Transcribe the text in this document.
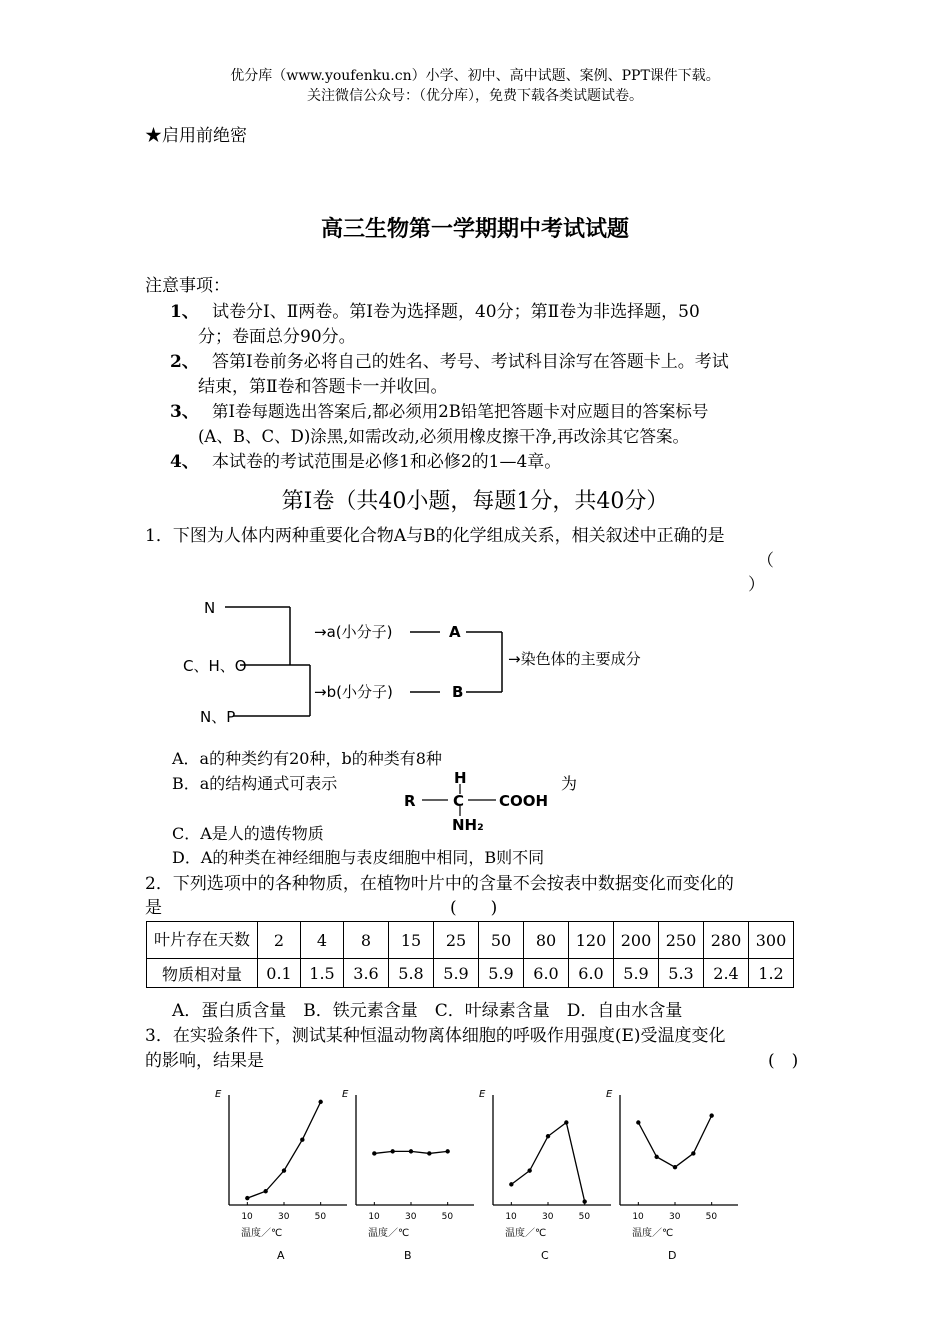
优分库（www.youfenku.cn）小学、初中、高中试题、案例、PPT课件下载。
关注微信公众号：（优分库），免费下载各类试题试卷。
★启用前绝密
高三生物第一学期期中考试试题
注意事项：
1、 试卷分Ⅰ、Ⅱ两卷。第Ⅰ卷为选择题，40分；第Ⅱ卷为非选择题，50
分；卷面总分90分。
2、 答第Ⅰ卷前务必将自己的姓名、考号、考试科目涂写在答题卡上。考试
结束，第Ⅱ卷和答题卡一并收回。
3、 第Ⅰ卷每题选出答案后,都必须用2B铅笔把答题卡对应题目的答案标号
(A、B、C、D)涂黑,如需改动,必须用橡皮擦干净,再改涂其它答案。
4、 本试卷的考试范围是必修1和必修2的1—4章。
第Ⅰ卷（共40小题，每题1分，共40分）
1．下图为人体内两种重要化合物A与B的化学组成关系，相关叙述中正确的是
（
）
N
C、H、O
N、P
→a(小分子)
→b(小分子)
A
B
→染色体的主要成分
A．a的种类约有20种，b的种类有8种
B．a的结构通式可表示	为
H
R C COOH
NH₂
C．A是人的遗传物质
D．A的种类在神经细胞与表皮细胞中相同，B则不同
2．下列选项中的各种物质，在植物叶片中的含量不会按表中数据变化而变化的
是	(　　)
叶片存在天数	2	4	8	15	25	50	80	120	200	250	280	300
物质相对量	0.1	1.5	3.6	5.8	5.9	5.9	6.0	6.0	5.9	5.3	2.4	1.2
A．蛋白质含量　B．铁元素含量　C．叶绿素含量　D．自由水含量
3．在实验条件下，测试某种恒温动物离体细胞的呼吸作用强度(E)受温度变化
的影响，结果是	(　)
E
10	30	50
温度／℃
A
E
10	30	50
温度／℃
B
E
10	30	50
温度／℃
C
E
10	30	50
温度／℃
D
